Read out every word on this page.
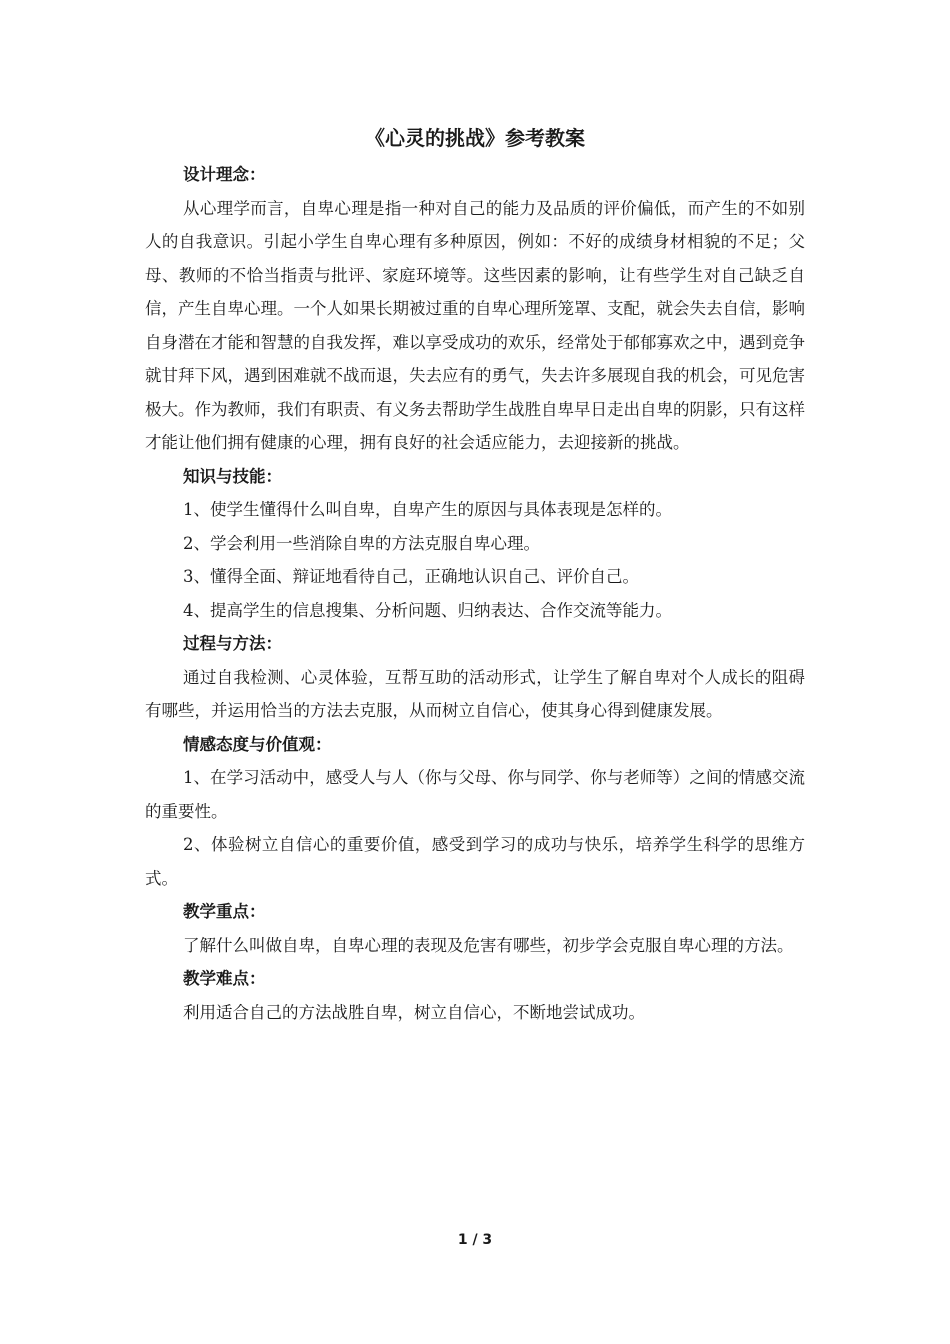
《心灵的挑战》参考教案

设计理念：

从心理学而言，自卑心理是指一种对自己的能力及品质的评价偏低，而产生的不如别人的自我意识。引起小学生自卑心理有多种原因，例如：不好的成绩身材相貌的不足；父母、教师的不恰当指责与批评、家庭环境等。这些因素的影响，让有些学生对自己缺乏自信，产生自卑心理。一个人如果长期被过重的自卑心理所笼罩、支配，就会失去自信，影响自身潜在才能和智慧的自我发挥，难以享受成功的欢乐，经常处于郁郁寡欢之中，遇到竞争就甘拜下风，遇到困难就不战而退，失去应有的勇气，失去许多展现自我的机会，可见危害极大。作为教师，我们有职责、有义务去帮助学生战胜自卑早日走出自卑的阴影，只有这样才能让他们拥有健康的心理，拥有良好的社会适应能力，去迎接新的挑战。

知识与技能：

1、使学生懂得什么叫自卑，自卑产生的原因与具体表现是怎样的。

2、学会利用一些消除自卑的方法克服自卑心理。

3、懂得全面、辩证地看待自己，正确地认识自己、评价自己。

4、提高学生的信息搜集、分析问题、归纳表达、合作交流等能力。

过程与方法：

通过自我检测、心灵体验，互帮互助的活动形式，让学生了解自卑对个人成长的阻碍有哪些，并运用恰当的方法去克服，从而树立自信心，使其身心得到健康发展。

情感态度与价值观：

1、在学习活动中，感受人与人（你与父母、你与同学、你与老师等）之间的情感交流的重要性。

2、体验树立自信心的重要价值，感受到学习的成功与快乐，培养学生科学的思维方式。

教学重点：

了解什么叫做自卑，自卑心理的表现及危害有哪些，初步学会克服自卑心理的方法。

教学难点：

利用适合自己的方法战胜自卑，树立自信心，不断地尝试成功。

1 / 3
